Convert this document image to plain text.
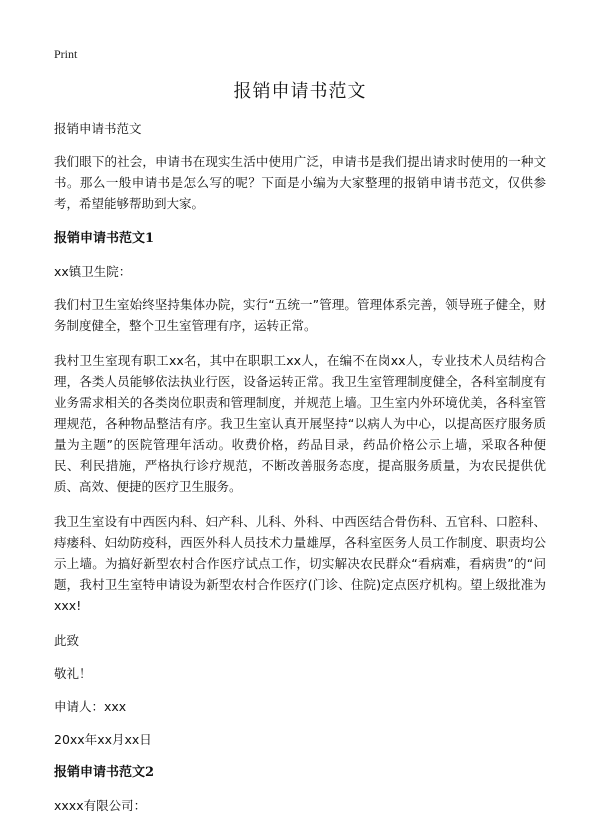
Print
报销申请书范文

报销申请书范文

我们眼下的社会，申请书在现实生活中使用广泛，申请书是我们提出请求时使用的一种文书。那么一般申请书是怎么写的呢？下面是小编为大家整理的报销申请书范文，仅供参考，希望能够帮助到大家。

报销申请书范文1

xx镇卫生院：

我们村卫生室始终坚持集体办院，实行“五统一”管理。管理体系完善，领导班子健全，财务制度健全，整个卫生室管理有序，运转正常。

我村卫生室现有职工xx名，其中在职职工xx人，在编不在岗xx人，专业技术人员结构合理，各类人员能够依法执业行医，设备运转正常。我卫生室管理制度健全，各科室制度有业务需求相关的各类岗位职责和管理制度，并规范上墙。卫生室内外环境优美，各科室管理规范，各种物品整洁有序。我卫生室认真开展坚持“以病人为中心，以提高医疗服务质量为主题”的医院管理年活动。收费价格，药品目录，药品价格公示上墙，采取各种便民、利民措施，严格执行诊疗规范，不断改善服务态度，提高服务质量，为农民提供优质、高效、便捷的医疗卫生服务。

我卫生室设有中西医内科、妇产科、儿科、外科、中西医结合骨伤科、五官科、口腔科、痔瘘科、妇幼防疫科，西医外科人员技术力量雄厚，各科室医务人员工作制度、职责均公示上墙。为搞好新型农村合作医疗试点工作，切实解决农民群众“看病难，看病贵”的“问题，我村卫生室特申请设为新型农村合作医疗(门诊、住院)定点医疗机构。望上级批准为xxx!

此致

敬礼！

申请人：xxx

20xx年xx月xx日

报销申请书范文2

xxxx有限公司：
